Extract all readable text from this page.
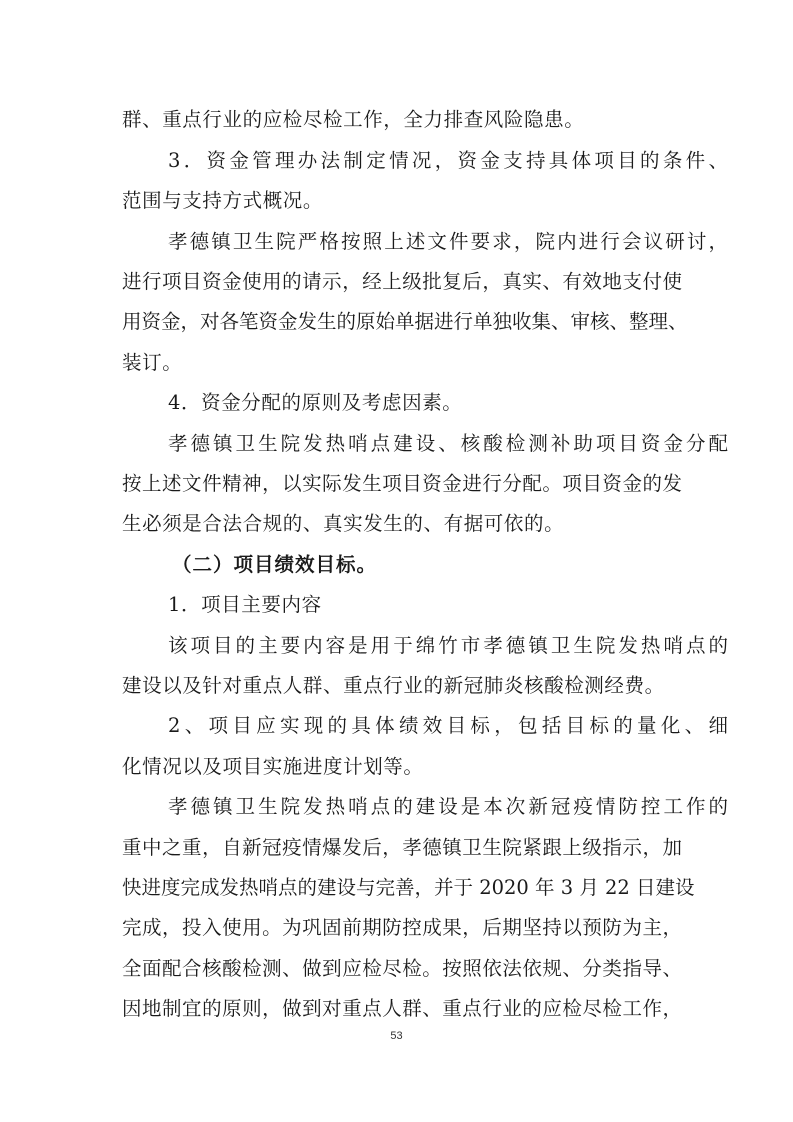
群、重点行业的应检尽检工作，全力排查风险隐患。
3．资金管理办法制定情况，资金支持具体项目的条件、
范围与支持方式概况。
孝德镇卫生院严格按照上述文件要求，院内进行会议研讨，
进行项目资金使用的请示，经上级批复后，真实、有效地支付使
用资金，对各笔资金发生的原始单据进行单独收集、审核、整理、
装订。
4．资金分配的原则及考虑因素。
孝德镇卫生院发热哨点建设、核酸检测补助项目资金分配
按上述文件精神，以实际发生项目资金进行分配。项目资金的发
生必须是合法合规的、真实发生的、有据可依的。
（二）项目绩效目标。
1．项目主要内容
该项目的主要内容是用于绵竹市孝德镇卫生院发热哨点的
建设以及针对重点人群、重点行业的新冠肺炎核酸检测经费。
2、项目应实现的具体绩效目标，包括目标的量化、细
化情况以及项目实施进度计划等。
孝德镇卫生院发热哨点的建设是本次新冠疫情防控工作的
重中之重，自新冠疫情爆发后，孝德镇卫生院紧跟上级指示，加
快进度完成发热哨点的建设与完善，并于 2020 年 3 月 22 日建设
完成，投入使用。为巩固前期防控成果，后期坚持以预防为主，
全面配合核酸检测、做到应检尽检。按照依法依规、分类指导、
因地制宜的原则，做到对重点人群、重点行业的应检尽检工作，
53
